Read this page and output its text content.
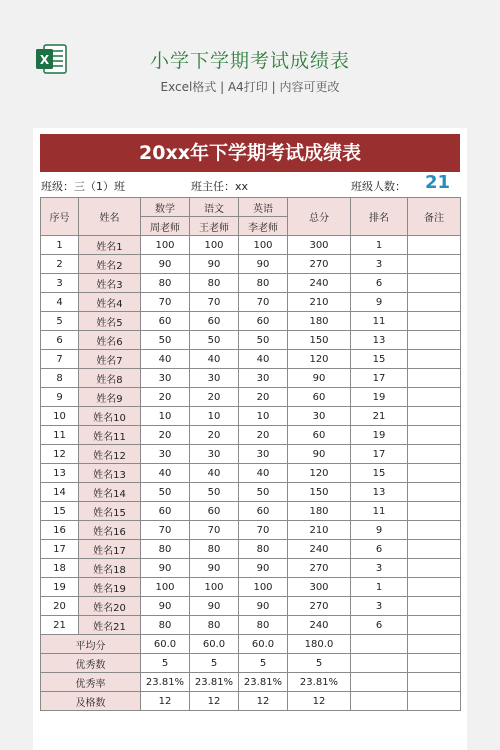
X	小学下学期考试成绩表
Excel格式 | A4打印 | 内容可更改
20xx年下学期考试成绩表
班级：三（1）班	班主任：xx	班级人数： 21
序号	姓名	数学	语文	英语	总分	排名	备注
		周老师	王老师	李老师			
1	姓名1	100	100	100	300	1	
2	姓名2	90	90	90	270	3	
3	姓名3	80	80	80	240	6	
4	姓名4	70	70	70	210	9	
5	姓名5	60	60	60	180	11	
6	姓名6	50	50	50	150	13	
7	姓名7	40	40	40	120	15	
8	姓名8	30	30	30	90	17	
9	姓名9	20	20	20	60	19	
10	姓名10	10	10	10	30	21	
11	姓名11	20	20	20	60	19	
12	姓名12	30	30	30	90	17	
13	姓名13	40	40	40	120	15	
14	姓名14	50	50	50	150	13	
15	姓名15	60	60	60	180	11	
16	姓名16	70	70	70	210	9	
17	姓名17	80	80	80	240	6	
18	姓名18	90	90	90	270	3	
19	姓名19	100	100	100	300	1	
20	姓名20	90	90	90	270	3	
21	姓名21	80	80	80	240	6	
平均分		60.0	60.0	60.0	180.0		
优秀数		5	5	5	5		
优秀率		23.81%	23.81%	23.81%	23.81%		
及格数		12	12	12	12		
